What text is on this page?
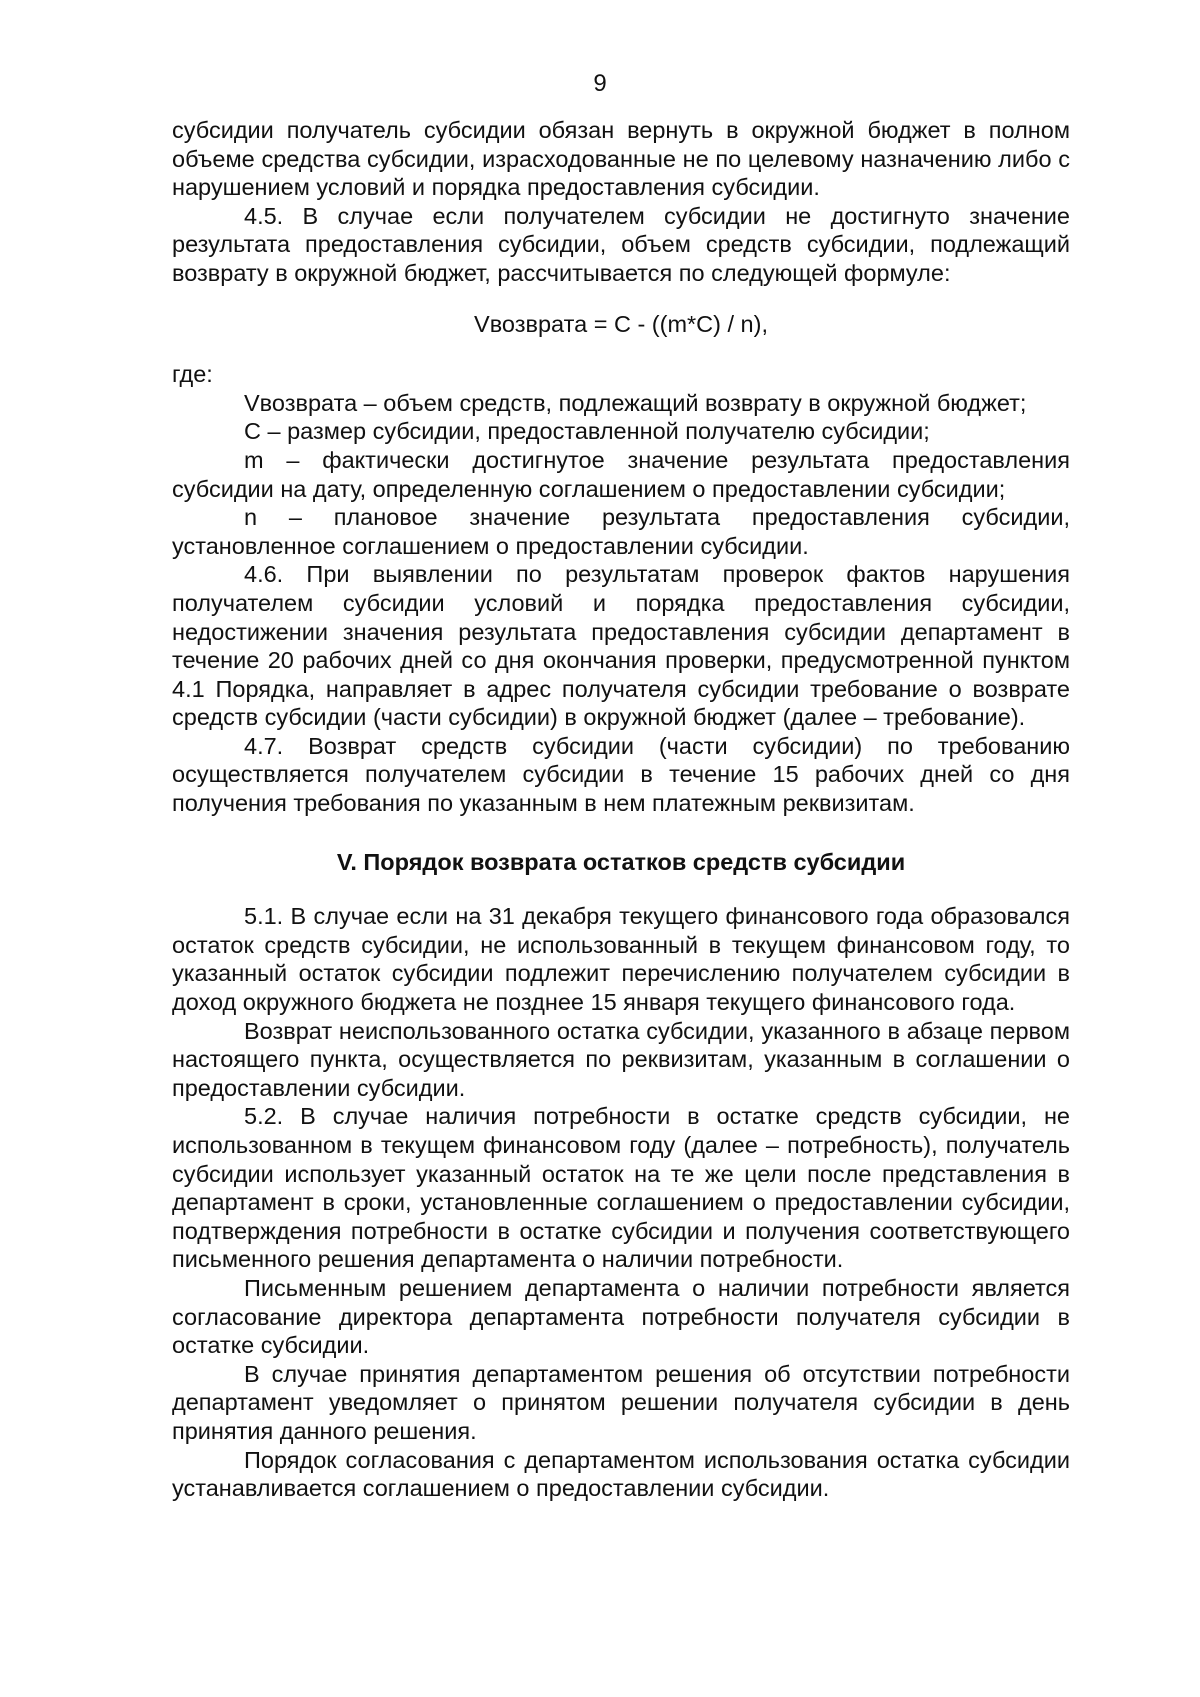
9

субсидии получатель субсидии обязан вернуть в окружной бюджет в полном объеме средства субсидии, израсходованные не по целевому назначению либо с нарушением условий и порядка предоставления субсидии.

4.5. В случае если получателем субсидии не достигнуто значение результата предоставления субсидии, объем средств субсидии, подлежащий возврату в окружной бюджет, рассчитывается по следующей формуле:

Vвозврата = C - ((m*C) / n),

где:

Vвозврата – объем средств, подлежащий возврату в окружной бюджет;

C – размер субсидии, предоставленной получателю субсидии;

m – фактически достигнутое значение результата предоставления субсидии на дату, определенную соглашением о предоставлении субсидии;

n – плановое значение результата предоставления субсидии, установленное соглашением о предоставлении субсидии.

4.6. При выявлении по результатам проверок фактов нарушения получателем субсидии условий и порядка предоставления субсидии, недостижении значения результата предоставления субсидии департамент в течение 20 рабочих дней со дня окончания проверки, предусмотренной пунктом 4.1 Порядка, направляет в адрес получателя субсидии требование о возврате средств субсидии (части субсидии) в окружной бюджет (далее – требование).

4.7. Возврат средств субсидии (части субсидии) по требованию осуществляется получателем субсидии в течение 15 рабочих дней со дня получения требования по указанным в нем платежным реквизитам.

V. Порядок возврата остатков средств субсидии

5.1. В случае если на 31 декабря текущего финансового года образовался остаток средств субсидии, не использованный в текущем финансовом году, то указанный остаток субсидии подлежит перечислению получателем субсидии в доход окружного бюджета не позднее 15 января текущего финансового года.

Возврат неиспользованного остатка субсидии, указанного в абзаце первом настоящего пункта, осуществляется по реквизитам, указанным в соглашении о предоставлении субсидии.

5.2. В случае наличия потребности в остатке средств субсидии, не использованном в текущем финансовом году (далее – потребность), получатель субсидии использует указанный остаток на те же цели после представления в департамент в сроки, установленные соглашением о предоставлении субсидии, подтверждения потребности в остатке субсидии и получения соответствующего письменного решения департамента о наличии потребности.

Письменным решением департамента о наличии потребности является согласование директора департамента потребности получателя субсидии в остатке субсидии.

В случае принятия департаментом решения об отсутствии потребности департамент уведомляет о принятом решении получателя субсидии в день принятия данного решения.

Порядок согласования с департаментом использования остатка субсидии устанавливается соглашением о предоставлении субсидии.
